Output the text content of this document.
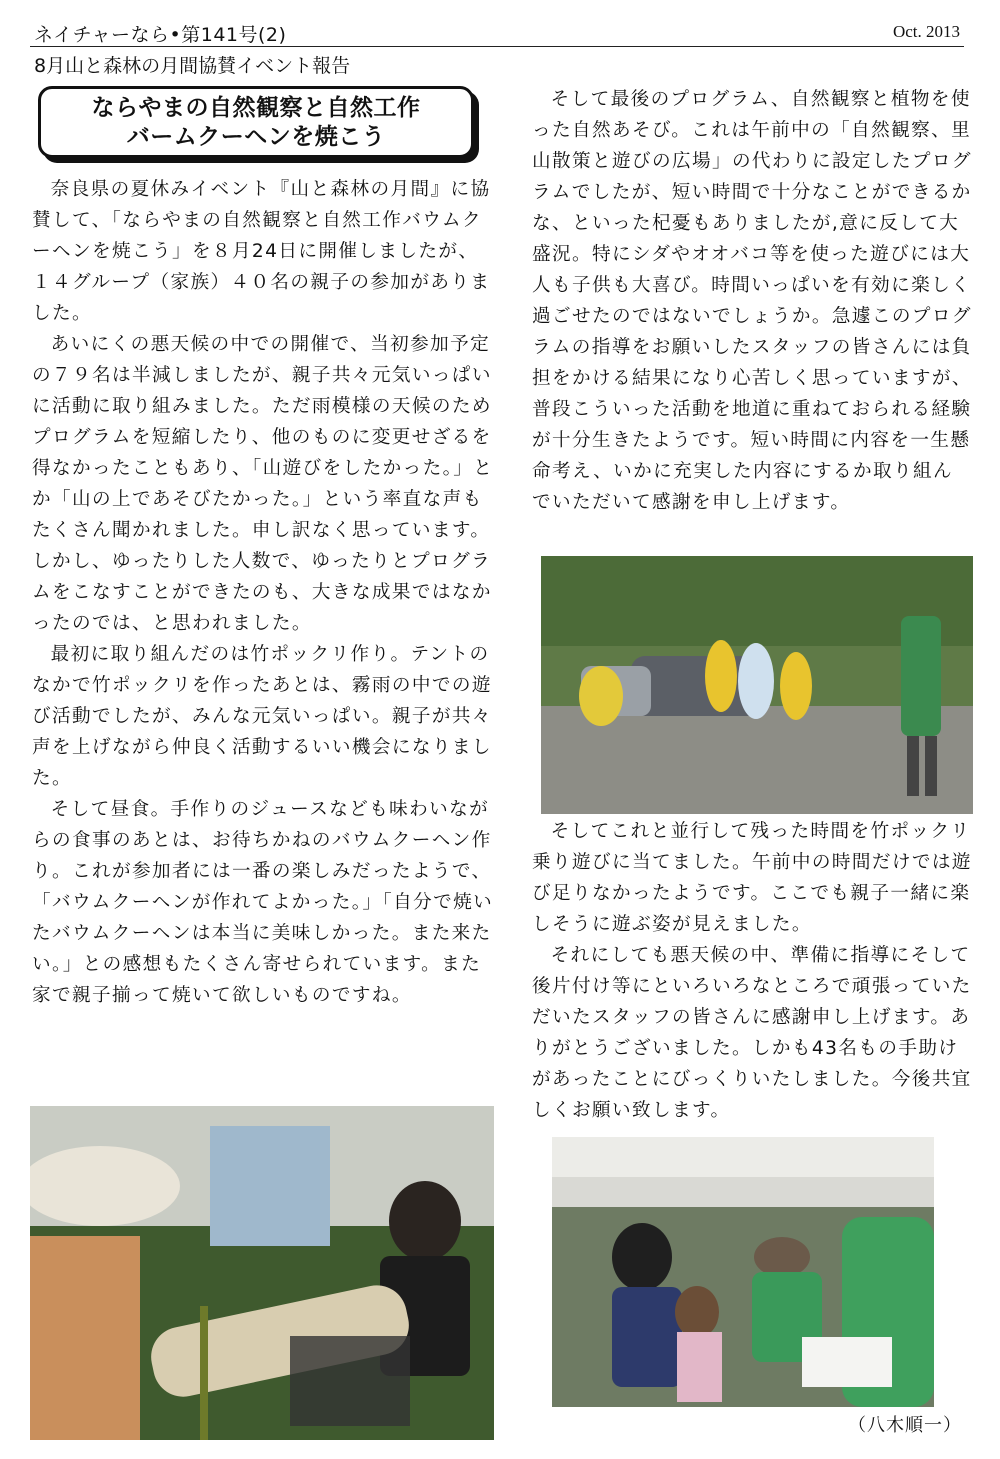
ネイチャーなら•第141号(2)	Oct. 2013
8月山と森林の月間協賛イベント報告
ならやまの自然観察と自然工作
バームクーヘンを焼こう

奈良県の夏休みイベント『山と森林の月間』に協賛して、「ならやまの自然観察と自然工作バウムクーヘンを焼こう」を８月24日に開催しましたが、１４グループ（家族）４０名の親子の参加がありました。

あいにくの悪天候の中での開催で、当初参加予定の７９名は半減しましたが、親子共々元気いっぱいに活動に取り組みました。ただ雨模様の天候のためプログラムを短縮したり、他のものに変更せざるを得なかったこともあり、「山遊びをしたかった。」とか「山の上であそびたかった。」という率直な声もたくさん聞かれました。申し訳なく思っています。しかし、ゆったりした人数で、ゆったりとプログラムをこなすことができたのも、大きな成果ではなかったのでは、と思われました。

最初に取り組んだのは竹ポックリ作り。テントのなかで竹ポックリを作ったあとは、霧雨の中での遊び活動でしたが、みんな元気いっぱい。親子が共々声を上げながら仲良く活動するいい機会になりました。

そして昼食。手作りのジュースなども味わいながらの食事のあとは、お待ちかねのバウムクーヘン作り。これが参加者には一番の楽しみだったようで、「バウムクーヘンが作れてよかった。」「自分で焼いたバウムクーヘンは本当に美味しかった。また来たい。」との感想もたくさん寄せられています。また家で親子揃って焼いて欲しいものですね。

そして最後のプログラム、自然観察と植物を使った自然あそび。これは午前中の「自然観察、里山散策と遊びの広場」の代わりに設定したプログラムでしたが、短い時間で十分なことができるかな、といった杞憂もありましたが,意に反して大盛況。特にシダやオオバコ等を使った遊びには大人も子供も大喜び。時間いっぱいを有効に楽しく過ごせたのではないでしょうか。急遽このプログラムの指導をお願いしたスタッフの皆さんには負担をかける結果になり心苦しく思っていますが、普段こういった活動を地道に重ねておられる経験が十分生きたようです。短い時間に内容を一生懸命考え、いかに充実した内容にするか取り組んでいただいて感謝を申し上げます。

そしてこれと並行して残った時間を竹ポックリ乗り遊びに当てました。午前中の時間だけでは遊び足りなかったようです。ここでも親子一緒に楽しそうに遊ぶ姿が見えました。

それにしても悪天候の中、準備に指導にそして後片付け等にといろいろなところで頑張っていただいたスタッフの皆さんに感謝申し上げます。ありがとうございました。しかも43名もの手助けがあったことにびっくりいたしました。今後共宜しくお願い致します。

（八木順一）
